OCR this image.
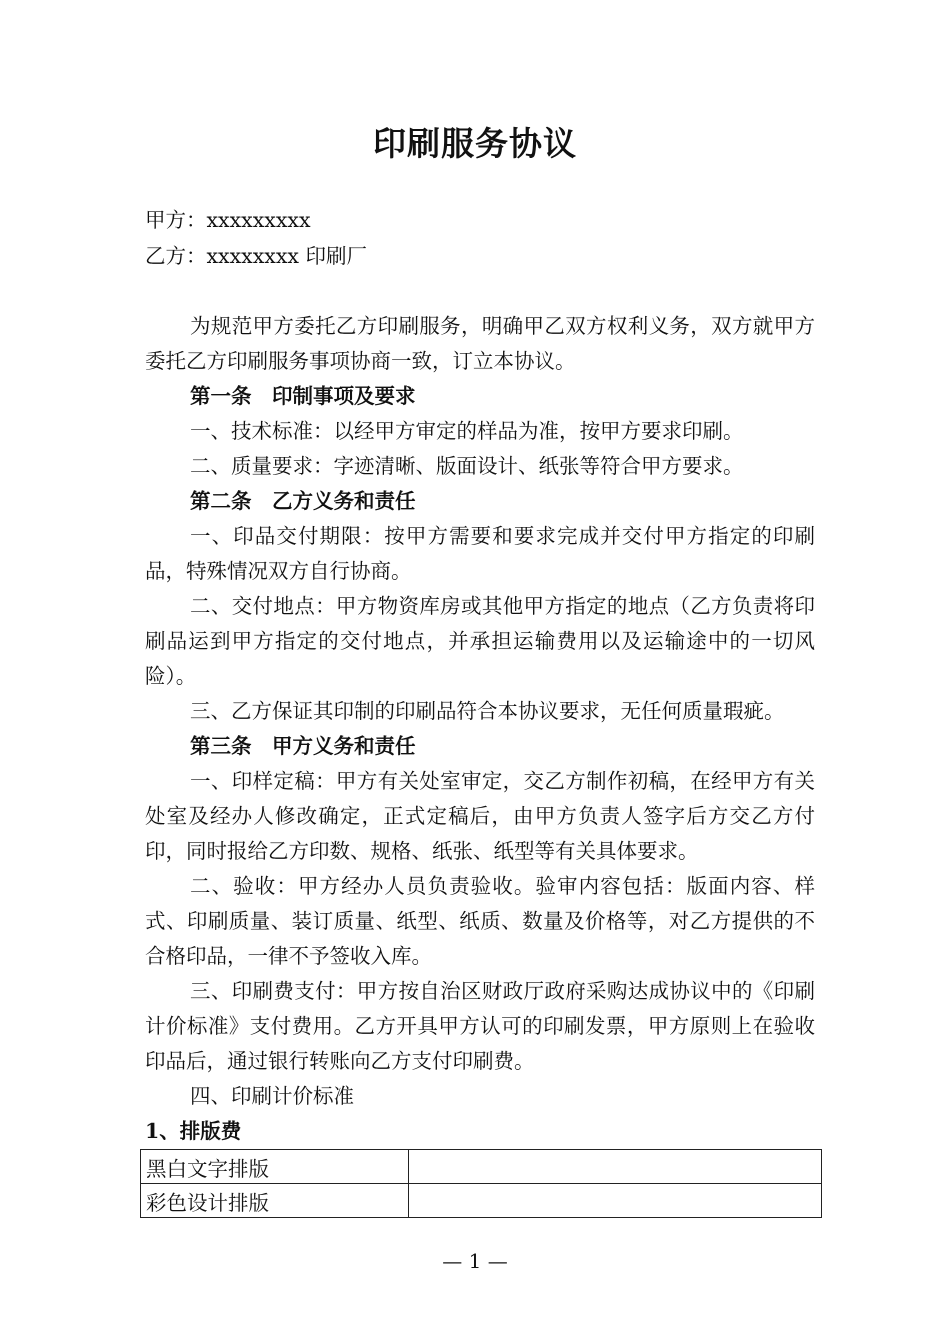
印刷服务协议
甲方：xxxxxxxxx
乙方：xxxxxxxx 印刷厂

为规范甲方委托乙方印刷服务，明确甲乙双方权利义务，双方就甲方委托乙方印刷服务事项协商一致，订立本协议。

第一条　印制事项及要求

一、技术标准：以经甲方审定的样品为准，按甲方要求印刷。

二、质量要求：字迹清晰、版面设计、纸张等符合甲方要求。

第二条　乙方义务和责任

一、印品交付期限：按甲方需要和要求完成并交付甲方指定的印刷品，特殊情况双方自行协商。

二、交付地点：甲方物资库房或其他甲方指定的地点（乙方负责将印刷品运到甲方指定的交付地点，并承担运输费用以及运输途中的一切风险）。

三、乙方保证其印制的印刷品符合本协议要求，无任何质量瑕疵。

第三条　甲方义务和责任

一、印样定稿：甲方有关处室审定，交乙方制作初稿，在经甲方有关处室及经办人修改确定，正式定稿后，由甲方负责人签字后方交乙方付印，同时报给乙方印数、规格、纸张、纸型等有关具体要求。

二、验收：甲方经办人员负责验收。验审内容包括：版面内容、样式、印刷质量、装订质量、纸型、纸质、数量及价格等，对乙方提供的不合格印品，一律不予签收入库。

三、印刷费支付：甲方按自治区财政厅政府采购达成协议中的《印刷计价标准》支付费用。乙方开具甲方认可的印刷发票，甲方原则上在验收印品后，通过银行转账向乙方支付印刷费。

四、印刷计价标准

1、排版费

黑白文字排版	
彩色设计排版	
— 1 —
